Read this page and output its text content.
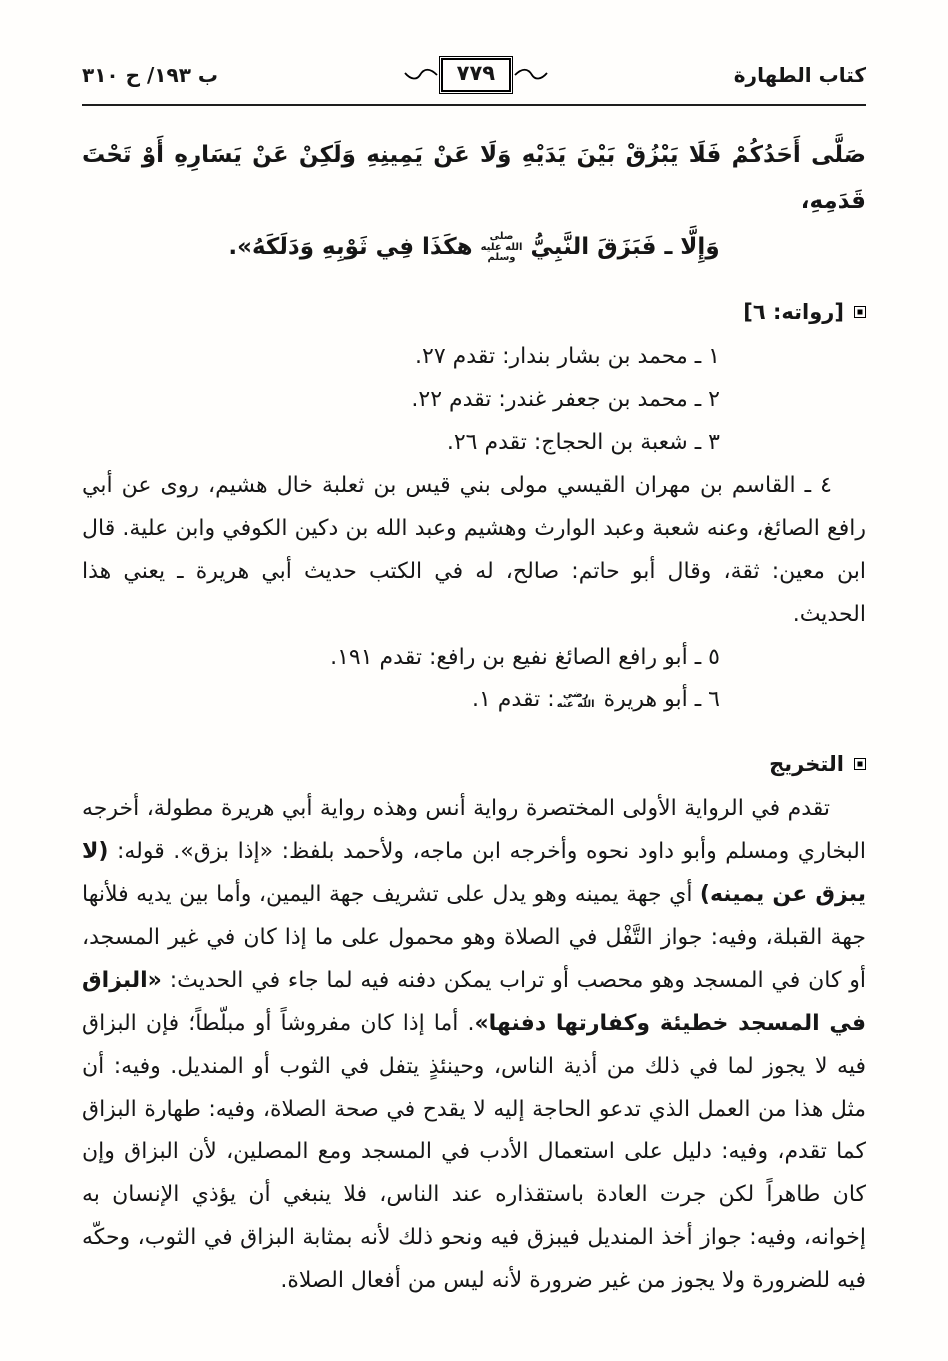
كتاب الطهارة
٧٧٩
ب ١٩٣/ ح ٣١٠

صَلَّى أَحَدُكُمْ فَلَا يَبْزُقْ بَيْنَ يَدَيْهِ وَلَا عَنْ يَمِينِهِ وَلَكِنْ عَنْ يَسَارِهِ أَوْ تَحْتَ قَدَمِهِ،

وَإِلَّا ـ فَبَزَقَ النَّبِيُّ صلى الله عليه وسلم هكَذَا فِي ثَوْبِهِ وَدَلَكَهُ».

[رواته: ٦]

١ ـ محمد بن بشار بندار: تقدم ٢٧.

٢ ـ محمد بن جعفر غندر: تقدم ٢٢.

٣ ـ شعبة بن الحجاج: تقدم ٢٦.

٤ ـ القاسم بن مهران القيسي مولى بني قيس بن ثعلبة خال هشيم، روى عن أبي رافع الصائغ، وعنه شعبة وعبد الوارث وهشيم وعبد الله بن دكين الكوفي وابن علية. قال ابن معين: ثقة، وقال أبو حاتم: صالح، له في الكتب حديث أبي هريرة ـ يعني هذا الحديث.

٥ ـ أبو رافع الصائغ نفيع بن رافع: تقدم ١٩١.

٦ ـ أبو هريرة رضي الله عنه: تقدم ١.

التخريج

تقدم في الرواية الأولى المختصرة رواية أنس وهذه رواية أبي هريرة مطولة، أخرجه البخاري ومسلم وأبو داود نحوه وأخرجه ابن ماجه، ولأحمد بلفظ: «إذا بزق». قوله: (لا يبزق عن يمينه) أي جهة يمينه وهو يدل على تشريف جهة اليمين، وأما بين يديه فلأنها جهة القبلة، وفيه: جواز التَّفْل في الصلاة وهو محمول على ما إذا كان في غير المسجد، أو كان في المسجد وهو محصب أو تراب يمكن دفنه فيه لما جاء في الحديث: «البزاق في المسجد خطيئة وكفارتها دفنها». أما إذا كان مفروشاً أو مبلّطاً؛ فإن البزاق فيه لا يجوز لما في ذلك من أذية الناس، وحينئذٍ يتفل في الثوب أو المنديل. وفيه: أن مثل هذا من العمل الذي تدعو الحاجة إليه لا يقدح في صحة الصلاة، وفيه: طهارة البزاق كما تقدم، وفيه: دليل على استعمال الأدب في المسجد ومع المصلين، لأن البزاق وإن كان طاهراً لكن جرت العادة باستقذاره عند الناس، فلا ينبغي أن يؤذي الإنسان به إخوانه، وفيه: جواز أخذ المنديل فيبزق فيه ونحو ذلك لأنه بمثابة البزاق في الثوب، وحكّه فيه للضرورة ولا يجوز من غير ضرورة لأنه ليس من أفعال الصلاة.
